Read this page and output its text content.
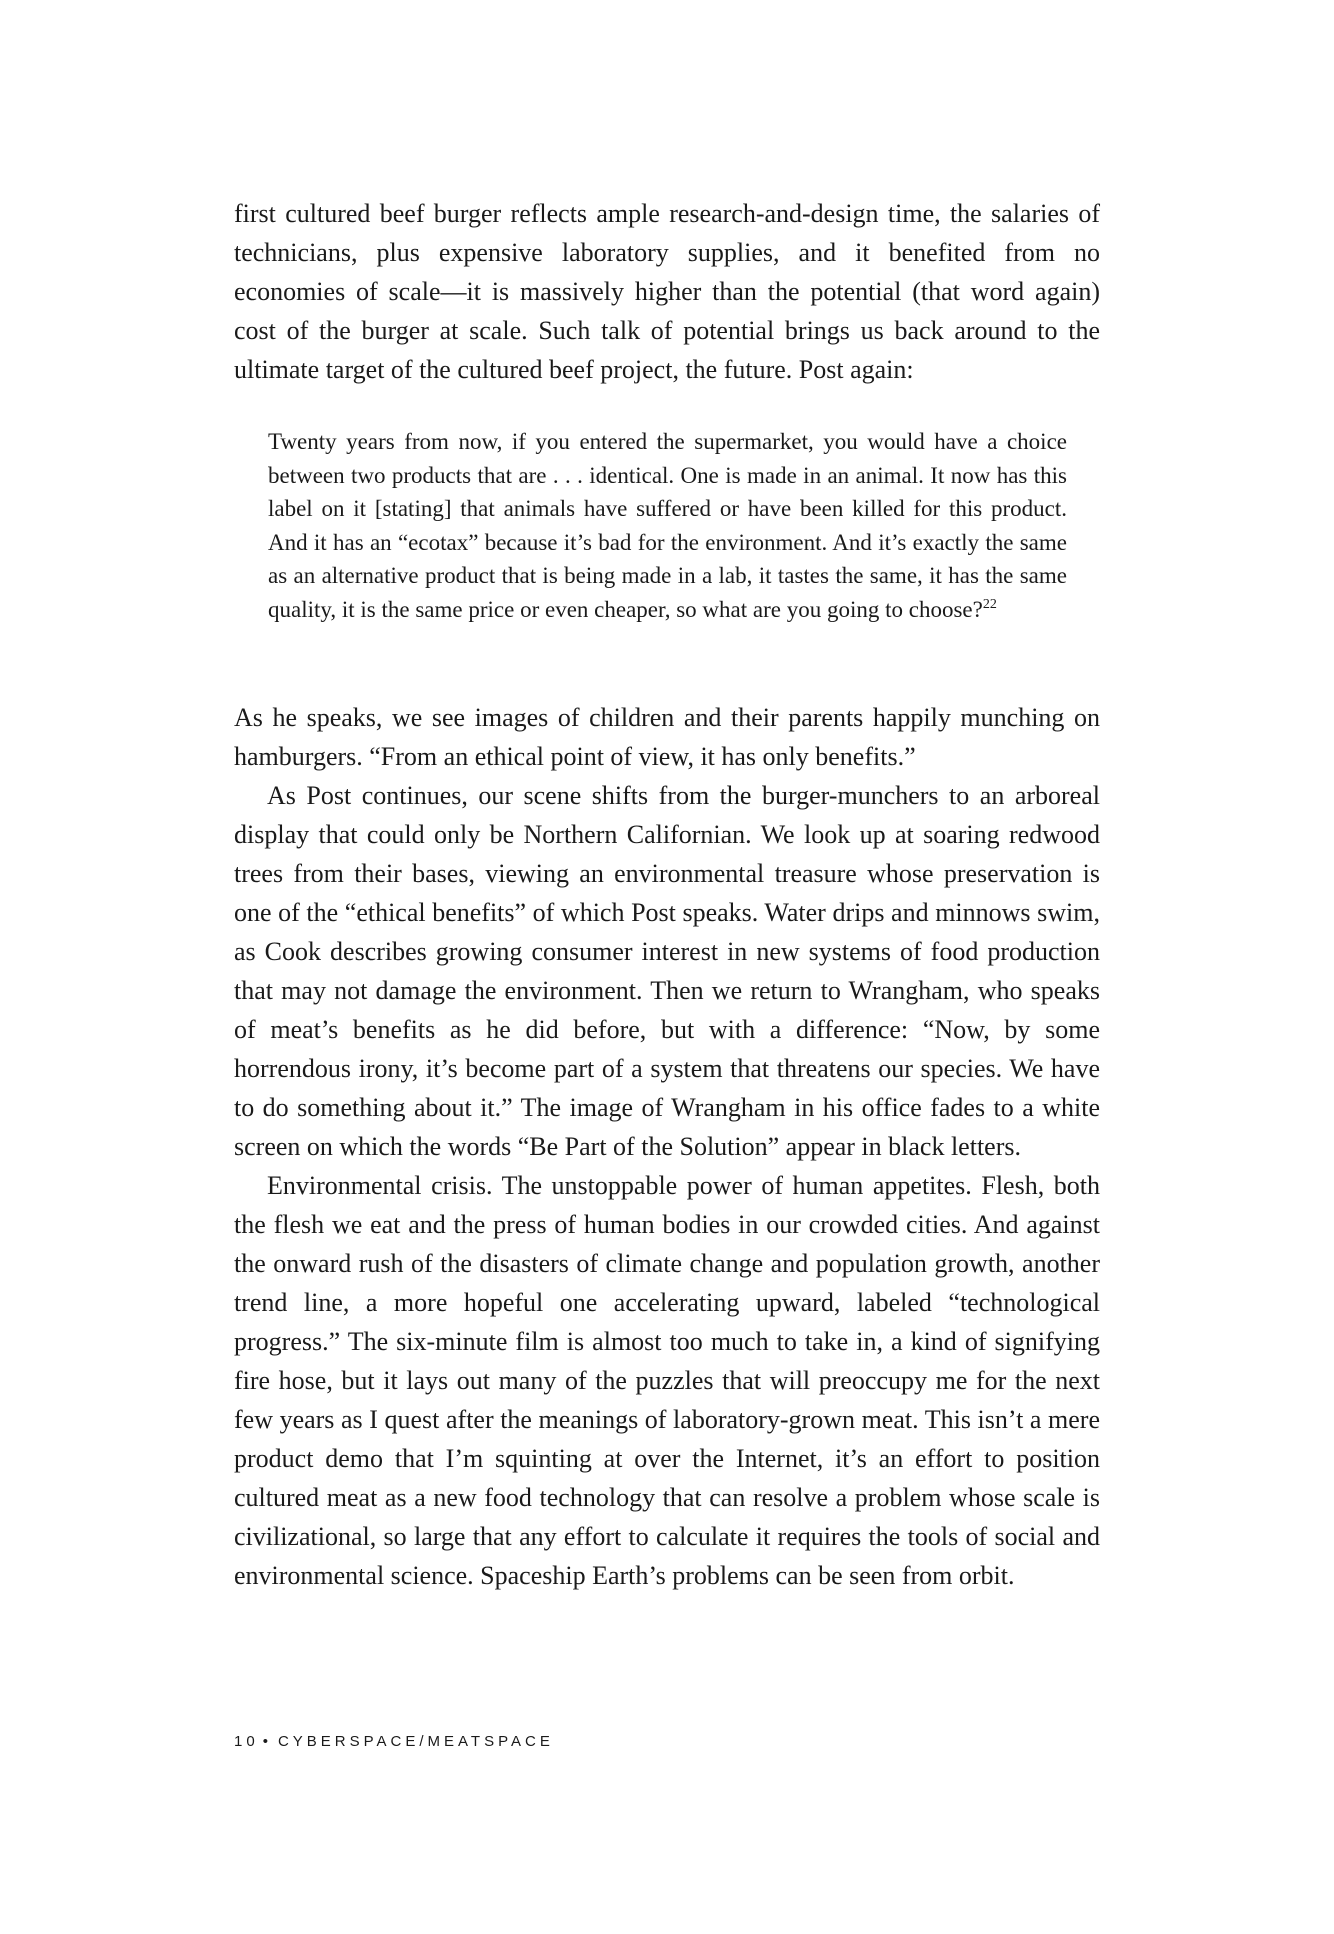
first cultured beef burger reflects ample research-and-design time, the salaries of technicians, plus expensive laboratory supplies, and it benefited from no economies of scale—it is massively higher than the potential (that word again) cost of the burger at scale. Such talk of potential brings us back around to the ultimate target of the cultured beef project, the future. Post again:

Twenty years from now, if you entered the supermarket, you would have a choice between two products that are . . . identical. One is made in an animal. It now has this label on it [stating] that animals have suffered or have been killed for this product. And it has an “ecotax” because it’s bad for the environment. And it’s exactly the same as an alternative product that is being made in a lab, it tastes the same, it has the same quality, it is the same price or even cheaper, so what are you going to choose?$^{22}$

As he speaks, we see images of children and their parents happily munching on hamburgers. “From an ethical point of view, it has only benefits.”

As Post continues, our scene shifts from the burger-munchers to an arboreal display that could only be Northern Californian. We look up at soaring redwood trees from their bases, viewing an environmental treasure whose preservation is one of the “ethical benefits” of which Post speaks. Water drips and minnows swim, as Cook describes growing consumer interest in new systems of food production that may not damage the environment. Then we return to Wrangham, who speaks of meat’s benefits as he did before, but with a difference: “Now, by some horrendous irony, it’s become part of a system that threatens our species. We have to do something about it.” The image of Wrangham in his office fades to a white screen on which the words “Be Part of the Solution” appear in black letters.

Environmental crisis. The unstoppable power of human appetites. Flesh, both the flesh we eat and the press of human bodies in our crowded cities. And against the onward rush of the disasters of climate change and population growth, another trend line, a more hopeful one accelerating upward, labeled “technological progress.” The six-minute film is almost too much to take in, a kind of signifying fire hose, but it lays out many of the puzzles that will preoccupy me for the next few years as I quest after the meanings of laboratory-grown meat. This isn’t a mere product demo that I’m squinting at over the Internet, it’s an effort to position cultured meat as a new food technology that can resolve a problem whose scale is civilizational, so large that any effort to calculate it requires the tools of social and environmental science. Spaceship Earth’s problems can be seen from orbit.

10 • CYBERSPACE/MEATSPACE
